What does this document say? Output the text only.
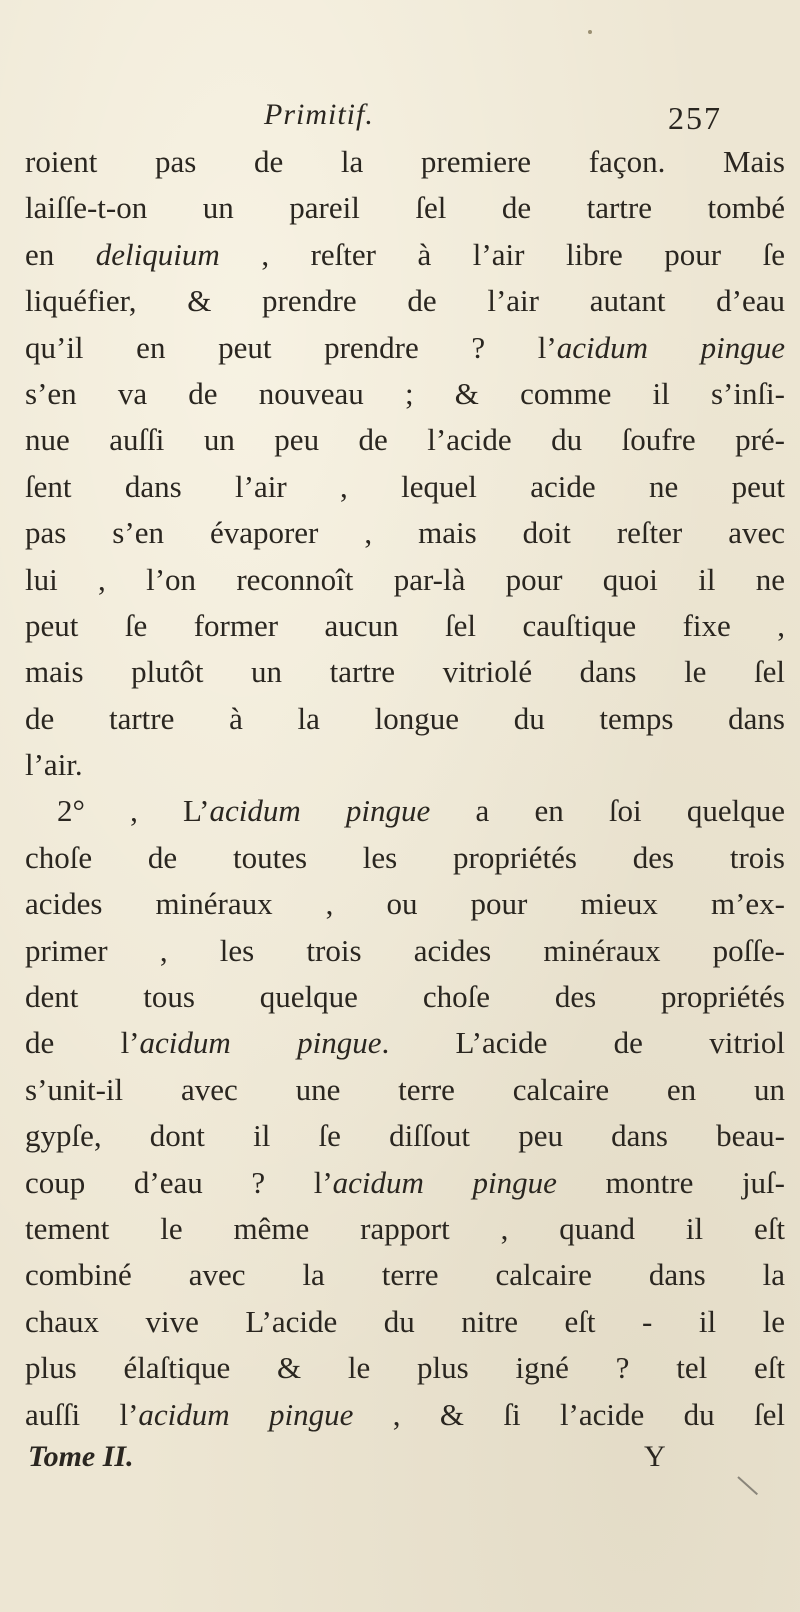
Primitif.	257
roient pas de la premiere façon. Mais
laiſſe-t-on un pareil ſel de tartre tombé
en deliquium , reſter à l’air libre pour ſe
liquéfier, & prendre de l’air autant d’eau
qu’il en peut prendre ? l’acidum pingue
s’en va de nouveau ; & comme il s’inſi-
nue auſſi un peu de l’acide du ſoufre pré-
ſent dans l’air , lequel acide ne peut
pas s’en évaporer , mais doit reſter avec
lui , l’on reconnoît par-là pour quoi il ne
peut ſe former aucun ſel cauſtique fixe ,
mais plutôt un tartre vitriolé dans le ſel
de tartre à la longue du temps dans
l’air.
2° , L’acidum pingue a en ſoi quelque
choſe de toutes les propriétés des trois
acides minéraux , ou pour mieux m’ex-
primer , les trois acides minéraux poſſe-
dent tous quelque choſe des propriétés
de l’acidum pingue. L’acide de vitriol
s’unit-il avec une terre calcaire en un
gypſe, dont il ſe diſſout peu dans beau-
coup d’eau ? l’acidum pingue montre juſ-
tement le même rapport , quand il eſt
combiné avec la terre calcaire dans la
chaux vive L’acide du nitre eſt - il le
plus élaſtique & le plus igné ? tel eſt
auſſi l’acidum pingue , & ſi l’acide du ſel
Tome II.	Y
